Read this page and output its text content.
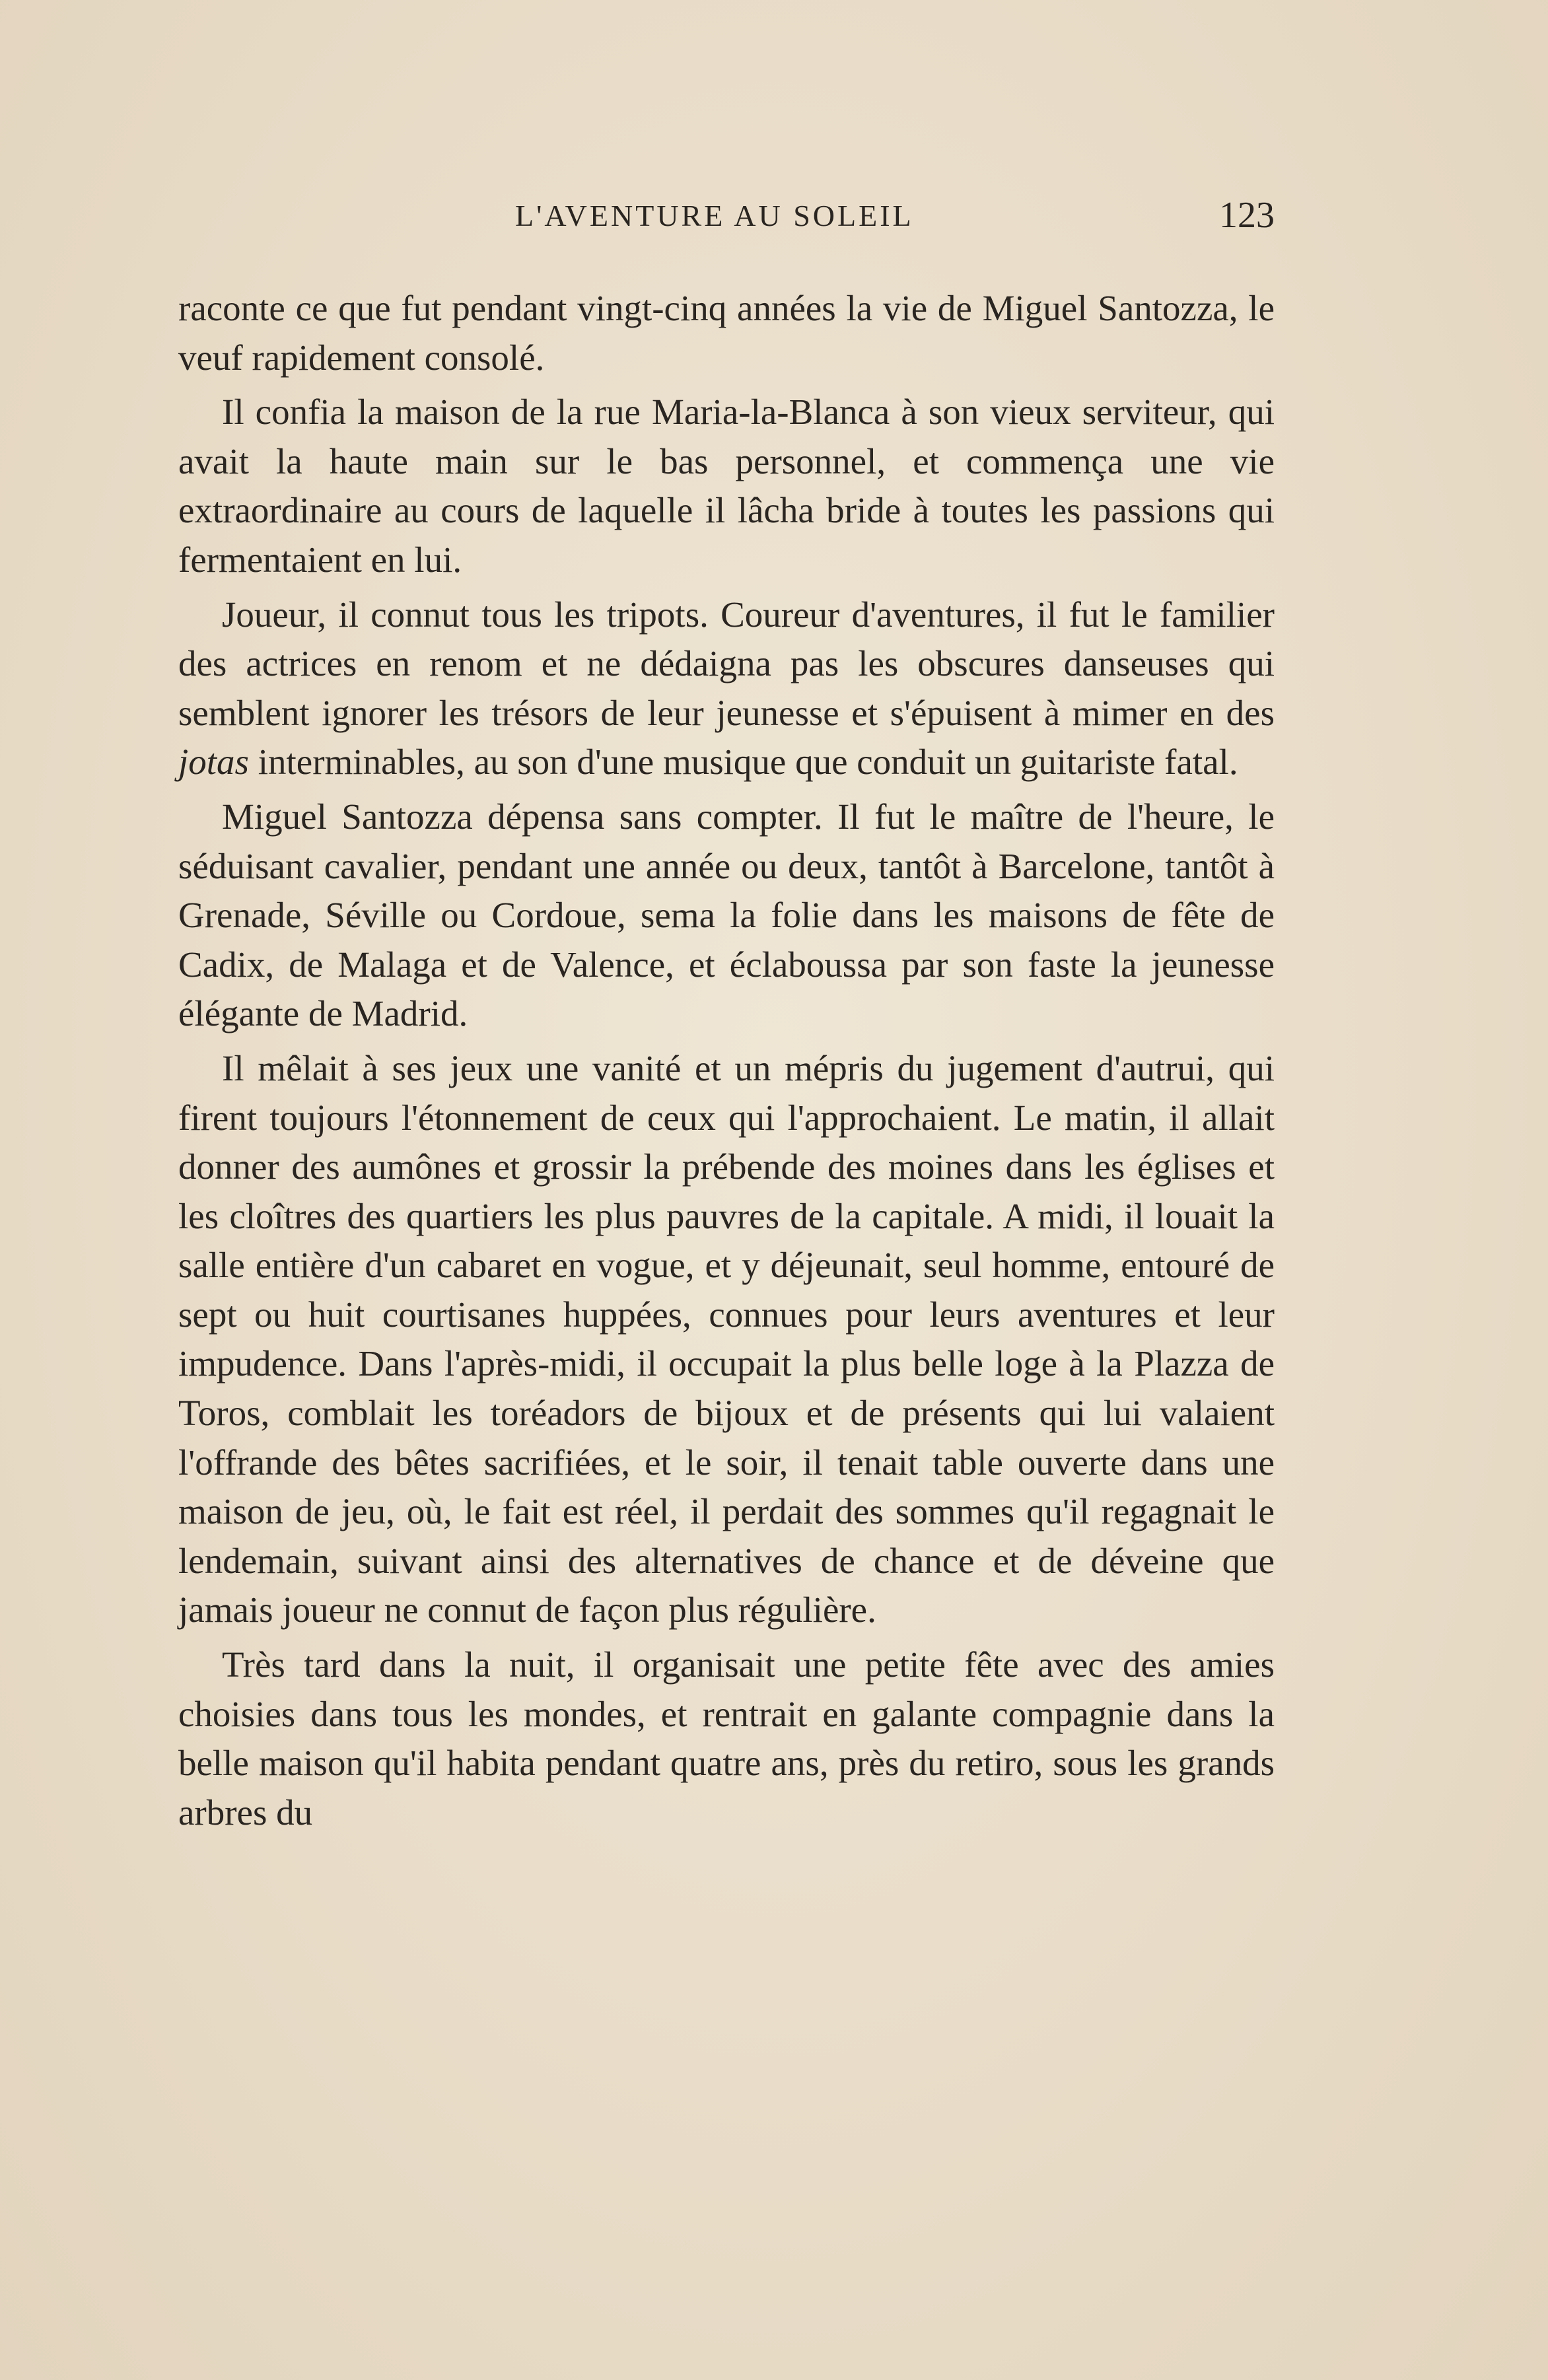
L'AVENTURE AU SOLEIL	123

raconte ce que fut pendant vingt-cinq années la vie de Miguel Santozza, le veuf rapidement consolé.

Il confia la maison de la rue Maria-la-Blanca à son vieux serviteur, qui avait la haute main sur le bas personnel, et commença une vie extraordinaire au cours de laquelle il lâcha bride à toutes les passions qui fermentaient en lui.

Joueur, il connut tous les tripots. Coureur d'aventures, il fut le familier des actrices en renom et ne dédaigna pas les obscures danseuses qui semblent ignorer les trésors de leur jeunesse et s'épuisent à mimer en des jotas interminables, au son d'une musique que conduit un guitariste fatal.

Miguel Santozza dépensa sans compter. Il fut le maître de l'heure, le séduisant cavalier, pendant une année ou deux, tantôt à Barcelone, tantôt à Grenade, Séville ou Cordoue, sema la folie dans les maisons de fête de Cadix, de Malaga et de Valence, et éclaboussa par son faste la jeunesse élégante de Madrid.

Il mêlait à ses jeux une vanité et un mépris du jugement d'autrui, qui firent toujours l'étonnement de ceux qui l'approchaient. Le matin, il allait donner des aumônes et grossir la prébende des moines dans les églises et les cloîtres des quartiers les plus pauvres de la capitale. A midi, il louait la salle entière d'un cabaret en vogue, et y déjeunait, seul homme, entouré de sept ou huit courtisanes huppées, connues pour leurs aventures et leur impudence. Dans l'après-midi, il occupait la plus belle loge à la Plazza de Toros, comblait les toréadors de bijoux et de présents qui lui valaient l'offrande des bêtes sacrifiées, et le soir, il tenait table ouverte dans une maison de jeu, où, le fait est réel, il perdait des sommes qu'il regagnait le lendemain, suivant ainsi des alternatives de chance et de déveine que jamais joueur ne connut de façon plus régulière.

Très tard dans la nuit, il organisait une petite fête avec des amies choisies dans tous les mondes, et rentrait en galante compagnie dans la belle maison qu'il habita pendant quatre ans, près du retiro, sous les grands arbres du
